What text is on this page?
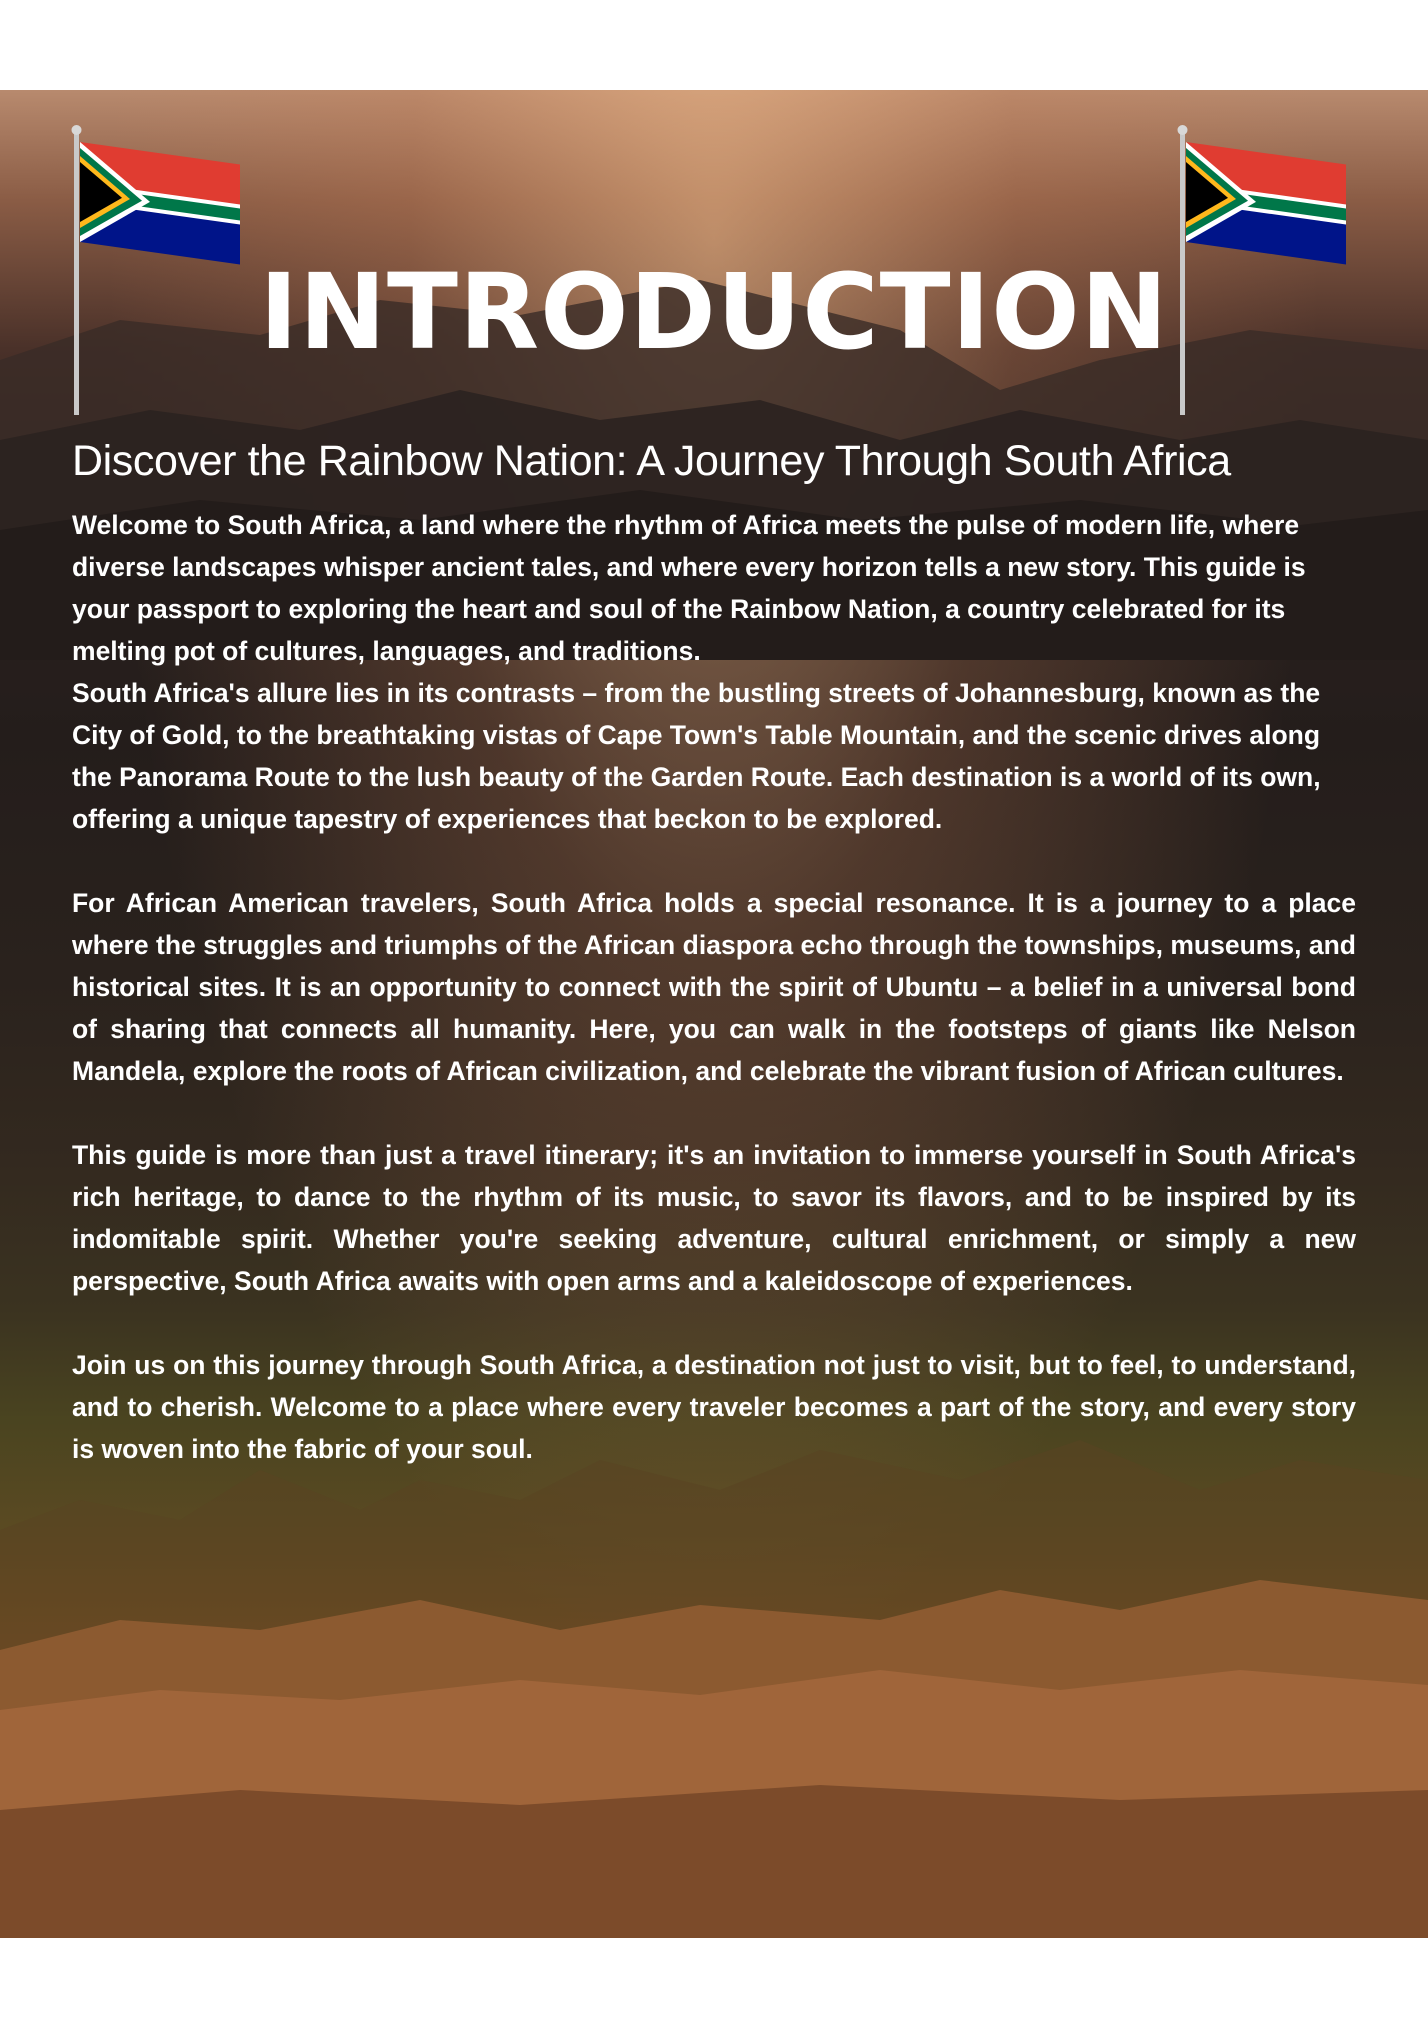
INTRODUCTION
Discover the Rainbow Nation: A Journey Through South Africa

Welcome to South Africa, a land where the rhythm of Africa meets the pulse of modern life, where diverse landscapes whisper ancient tales, and where every horizon tells a new story. This guide is your passport to exploring the heart and soul of the Rainbow Nation, a country celebrated for its melting pot of cultures, languages, and traditions.

South Africa's allure lies in its contrasts – from the bustling streets of Johannesburg, known as the City of Gold, to the breathtaking vistas of Cape Town's Table Mountain, and the scenic drives along the Panorama Route to the lush beauty of the Garden Route. Each destination is a world of its own, offering a unique tapestry of experiences that beckon to be explored.

For African American travelers, South Africa holds a special resonance. It is a journey to a place where the struggles and triumphs of the African diaspora echo through the townships, museums, and historical sites. It is an opportunity to connect with the spirit of Ubuntu – a belief in a universal bond of sharing that connects all humanity. Here, you can walk in the footsteps of giants like Nelson Mandela, explore the roots of African civilization, and celebrate the vibrant fusion of African cultures.

This guide is more than just a travel itinerary; it's an invitation to immerse yourself in South Africa's rich heritage, to dance to the rhythm of its music, to savor its flavors, and to be inspired by its indomitable spirit. Whether you're seeking adventure, cultural enrichment, or simply a new perspective, South Africa awaits with open arms and a kaleidoscope of experiences.

Join us on this journey through South Africa, a destination not just to visit, but to feel, to understand, and to cherish. Welcome to a place where every traveler becomes a part of the story, and every story is woven into the fabric of your soul.
